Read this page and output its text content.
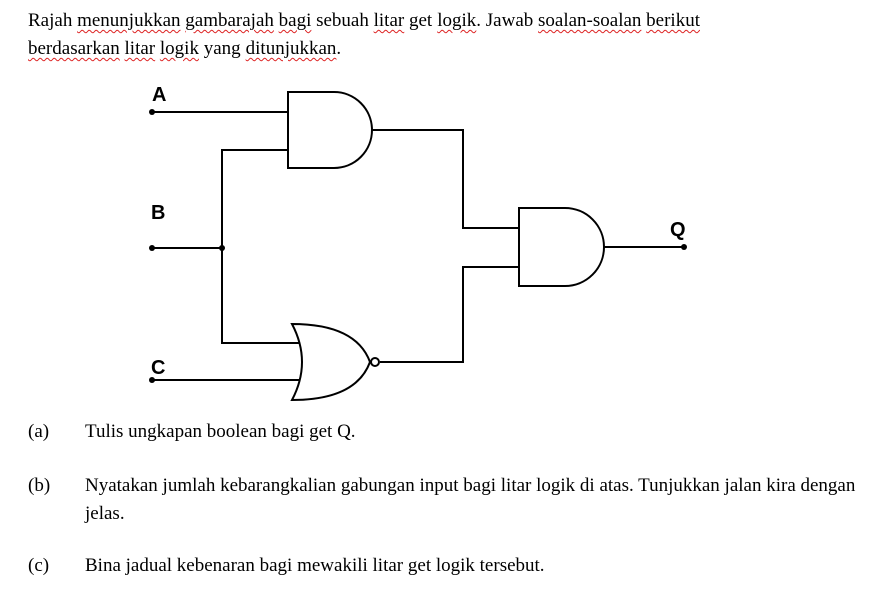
Rajah menunjukkan gambarajah bagi sebuah litar get logik. Jawab soalan-soalan berikut
berdasarkan litar logik yang ditunjukkan.
A
B
C
Q
(a) Tulis ungkapan boolean bagi get Q.
(b) Nyatakan jumlah kebarangkalian gabungan input bagi litar logik di atas. Tunjukkan jalan kira dengan jelas.
(c) Bina jadual kebenaran bagi mewakili litar get logik tersebut.
